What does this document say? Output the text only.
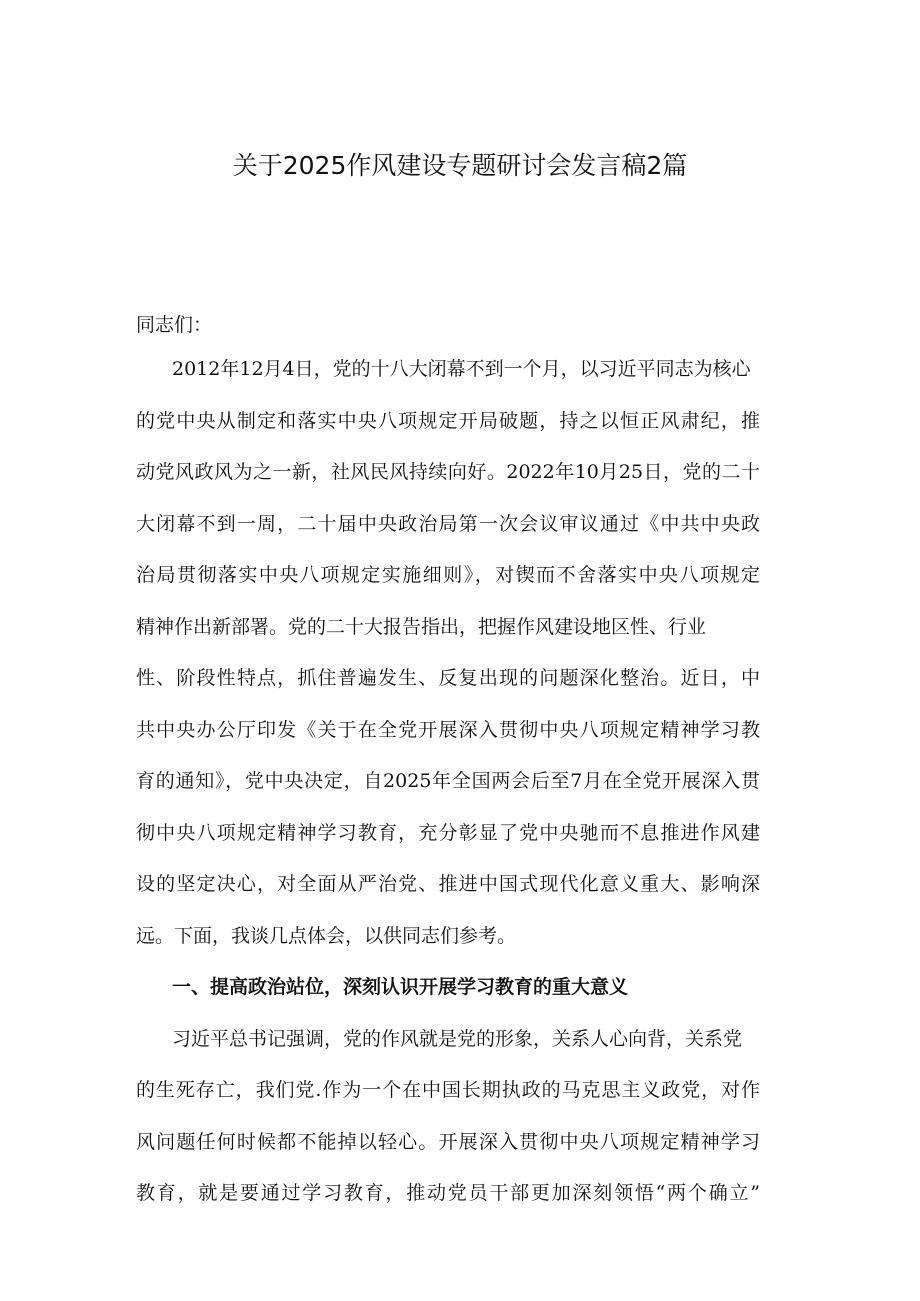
关于2025作风建设专题研讨会发言稿2篇
同志们：
2012年12月4日，党的十八大闭幕不到一个月，以习近平同志为核心
的党中央从制定和落实中央八项规定开局破题，持之以恒正风肃纪，推
动党风政风为之一新，社风民风持续向好。2022年10月25日，党的二十
大闭幕不到一周，二十届中央政治局第一次会议审议通过《中共中央政
治局贯彻落实中央八项规定实施细则》，对锲而不舍落实中央八项规定
精神作出新部署。党的二十大报告指出，把握作风建设地区性、行业
性、阶段性特点，抓住普遍发生、反复出现的问题深化整治。近日，中
共中央办公厅印发《关于在全党开展深入贯彻中央八项规定精神学习教
育的通知》，党中央决定，自2025年全国两会后至7月在全党开展深入贯
彻中央八项规定精神学习教育，充分彰显了党中央驰而不息推进作风建
设的坚定决心，对全面从严治党、推进中国式现代化意义重大、影响深
远。下面，我谈几点体会，以供同志们参考。
一、提高政治站位，深刻认识开展学习教育的重大意义
习近平总书记强调，党的作风就是党的形象，关系人心向背，关系党
的生死存亡，我们党.作为一个在中国长期执政的马克思主义政党，对作
风问题任何时候都不能掉以轻心。开展深入贯彻中央八项规定精神学习
教育，就是要通过学习教育，推动党员干部更加深刻领悟“两个确立”
